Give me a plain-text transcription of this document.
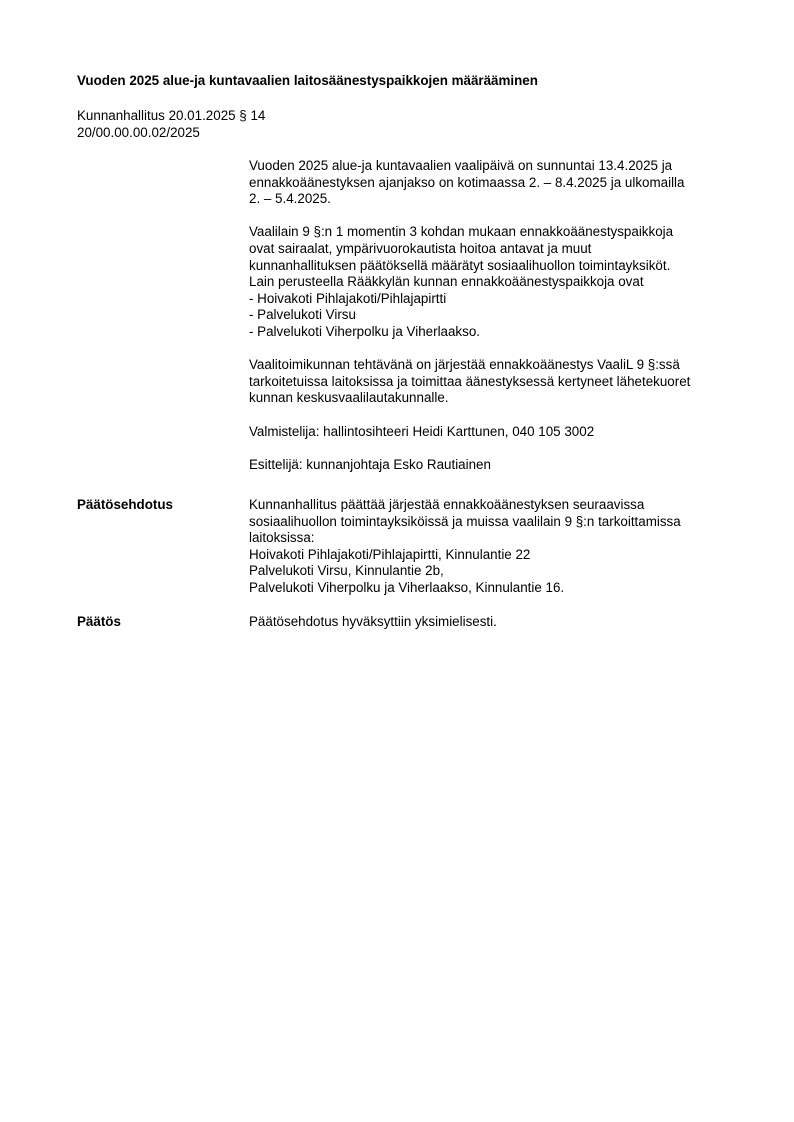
Vuoden 2025 alue-ja kuntavaalien laitosäänestyspaikkojen määrääminen
Kunnanhallitus 20.01.2025 § 14
20/00.00.00.02/2025
Vuoden 2025 alue-ja kuntavaalien vaalipäivä on sunnuntai 13.4.2025 ja
ennakkoäänestyksen ajanjakso on kotimaassa 2. – 8.4.2025 ja ulkomailla
2. – 5.4.2025.
Vaalilain 9 §:n 1 momentin 3 kohdan mukaan ennakkoäänestyspaikkoja
ovat sairaalat, ympärivuorokautista hoitoa antavat ja muut
kunnanhallituksen päätöksellä määrätyt sosiaalihuollon toimintayksiköt.
Lain perusteella Rääkkylän kunnan ennakkoäänestyspaikkoja ovat
- Hoivakoti Pihlajakoti/Pihlajapirtti
- Palvelukoti Virsu
- Palvelukoti Viherpolku ja Viherlaakso.
Vaalitoimikunnan tehtävänä on järjestää ennakkoäänestys VaaliL 9 §:ssä
tarkoitetuissa laitoksissa ja toimittaa äänestyksessä kertyneet lähetekuoret
kunnan keskusvaalilautakunnalle.
Valmistelija: hallintosihteeri Heidi Karttunen, 040 105 3002
Esittelijä: kunnanjohtaja Esko Rautiainen
Päätösehdotus	Kunnanhallitus päättää järjestää ennakkoäänestyksen seuraavissa
sosiaalihuollon toimintayksiköissä ja muissa vaalilain 9 §:n tarkoittamissa
laitoksissa:
Hoivakoti Pihlajakoti/Pihlajapirtti, Kinnulantie 22
Palvelukoti Virsu, Kinnulantie 2b,
Palvelukoti Viherpolku ja Viherlaakso, Kinnulantie 16.
Päätös	Päätösehdotus hyväksyttiin yksimielisesti.
